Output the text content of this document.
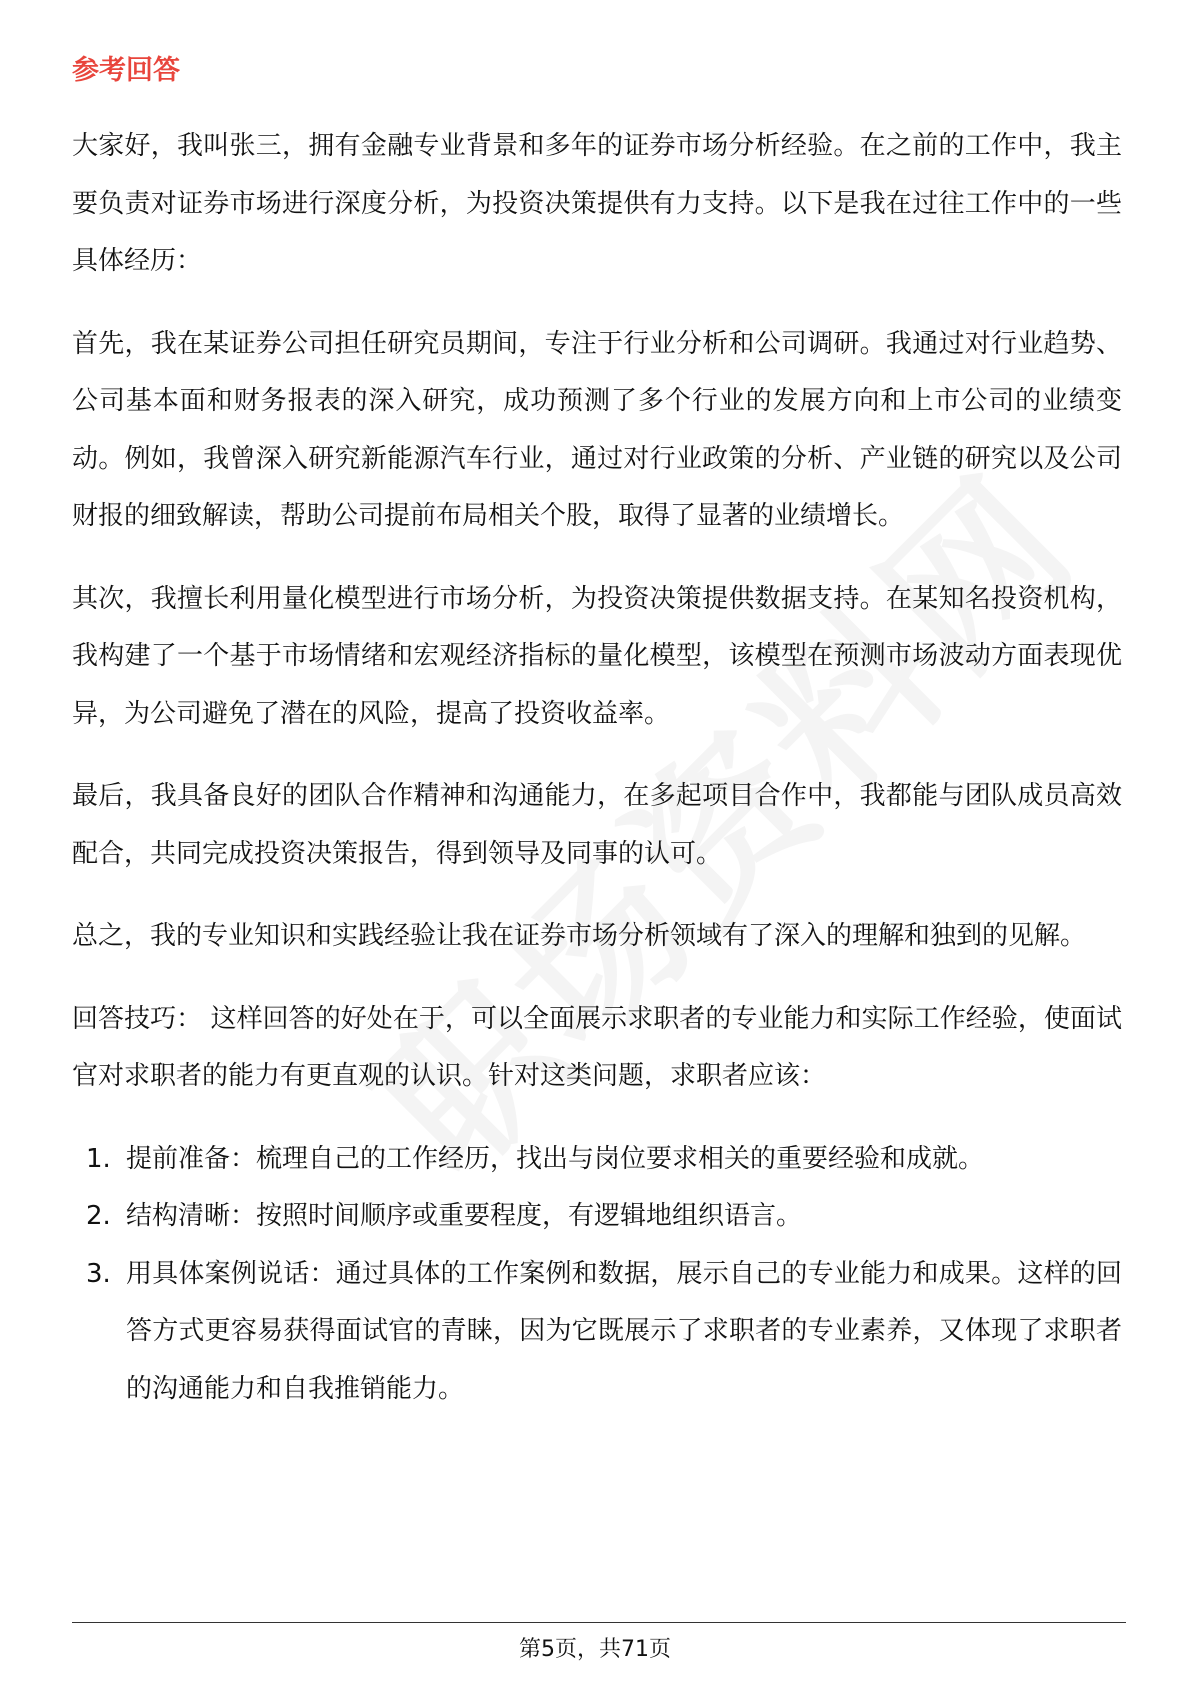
参考回答

大家好，我叫张三，拥有金融专业背景和多年的证券市场分析经验。在之前的工作中，我主要负责对证券市场进行深度分析，为投资决策提供有力支持。以下是我在过往工作中的一些具体经历：

首先，我在某证券公司担任研究员期间，专注于行业分析和公司调研。我通过对行业趋势、公司基本面和财务报表的深入研究，成功预测了多个行业的发展方向和上市公司的业绩变动。例如，我曾深入研究新能源汽车行业，通过对行业政策的分析、产业链的研究以及公司财报的细致解读，帮助公司提前布局相关个股，取得了显著的业绩增长。

其次，我擅长利用量化模型进行市场分析，为投资决策提供数据支持。在某知名投资机构，我构建了一个基于市场情绪和宏观经济指标的量化模型，该模型在预测市场波动方面表现优异，为公司避免了潜在的风险，提高了投资收益率。

最后，我具备良好的团队合作精神和沟通能力，在多起项目合作中，我都能与团队成员高效配合，共同完成投资决策报告，得到领导及同事的认可。

总之，我的专业知识和实践经验让我在证券市场分析领域有了深入的理解和独到的见解。

回答技巧： 这样回答的好处在于，可以全面展示求职者的专业能力和实际工作经验，使面试官对求职者的能力有更直观的认识。针对这类问题，求职者应该：

1. 提前准备：梳理自己的工作经历，找出与岗位要求相关的重要经验和成就。
2. 结构清晰：按照时间顺序或重要程度，有逻辑地组织语言。
3. 用具体案例说话：通过具体的工作案例和数据，展示自己的专业能力和成果。这样的回答方式更容易获得面试官的青睐，因为它既展示了求职者的专业素养，又体现了求职者的沟通能力和自我推销能力。
第5页，共71页
